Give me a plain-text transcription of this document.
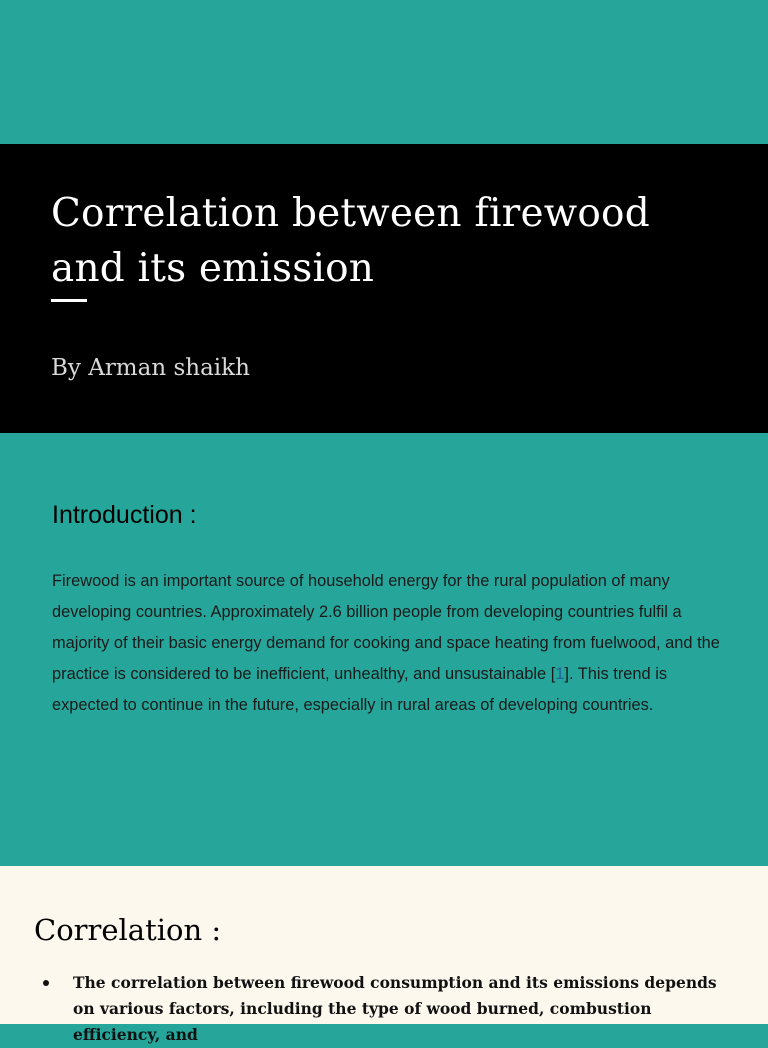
Correlation between firewood and its emission
By Arman shaikh
Introduction :

Firewood is an important source of household energy for the rural population of many developing countries. Approximately 2.6 billion people from developing countries fulfil a majority of their basic energy demand for cooking and space heating from fuelwood, and the practice is considered to be inefficient, unhealthy, and unsustainable [1]. This trend is expected to continue in the future, especially in rural areas of developing countries.

Correlation :
The correlation between firewood consumption and its emissions depends on various factors, including the type of wood burned, combustion efficiency, and
